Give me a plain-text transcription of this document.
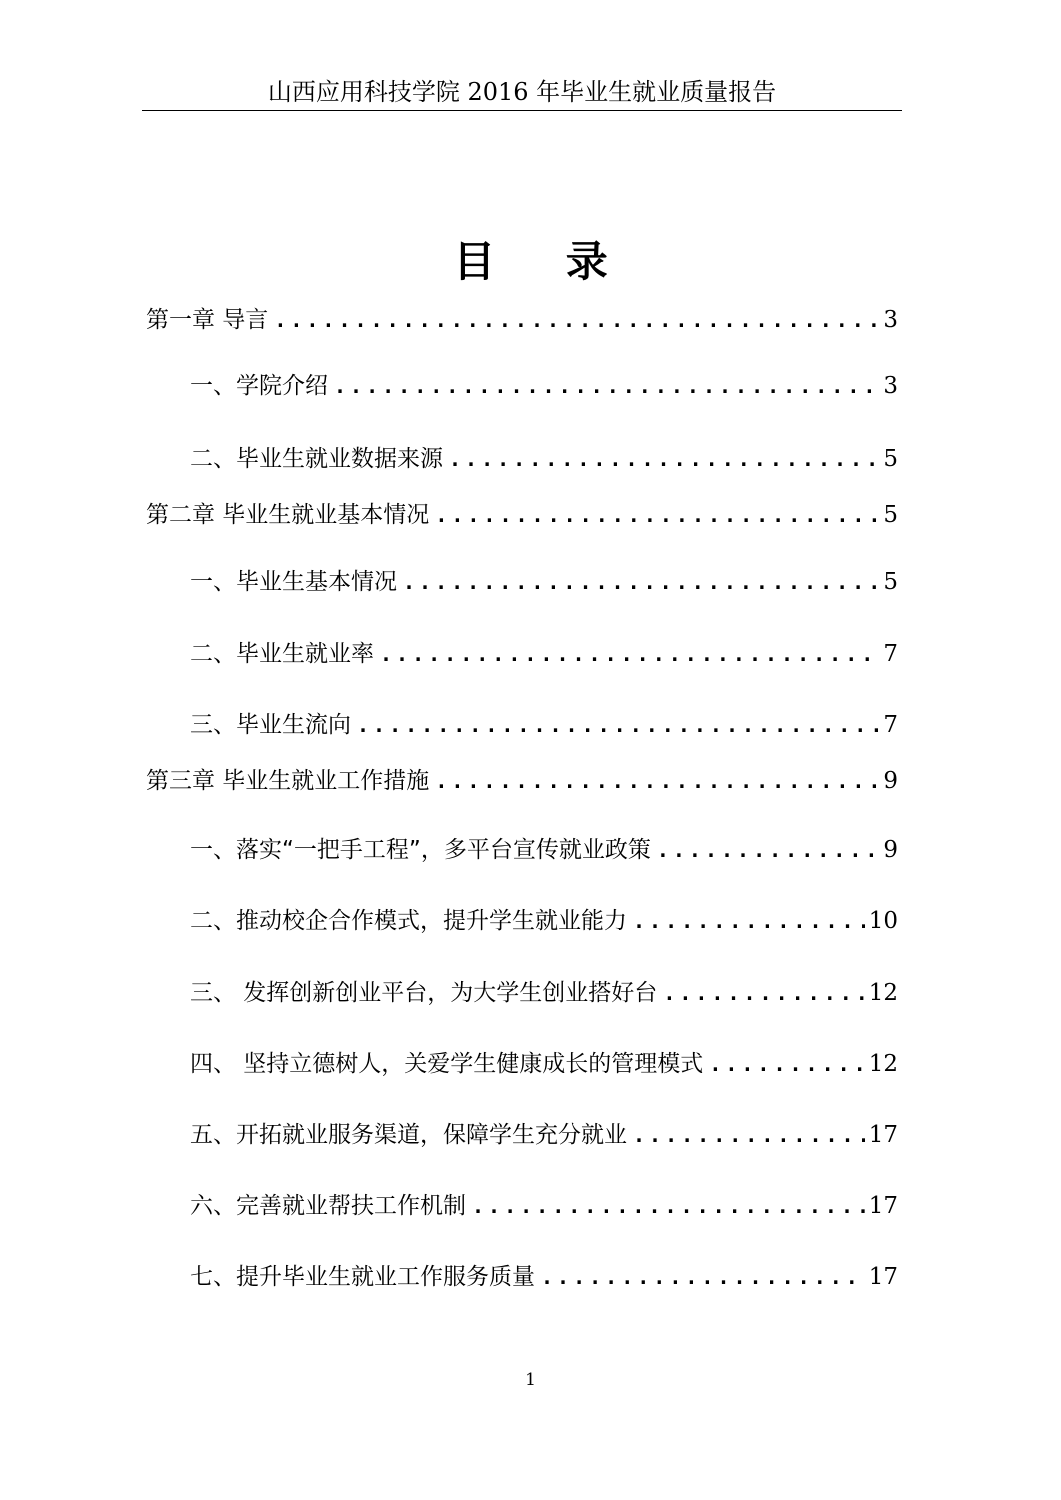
山西应用科技学院 2016 年毕业生就业质量报告
目 录
第一章 导言 .....	3
一、学院介绍 .....	3
二、毕业生就业数据来源 .....	5
第二章 毕业生就业基本情况 .....	5
一、毕业生基本情况 .....	5
二、毕业生就业率 .....	7
三、毕业生流向 .....	7
第三章 毕业生就业工作措施 .....	9
一、落实“一把手工程”，多平台宣传就业政策 .....	9
二、推动校企合作模式，提升学生就业能力 .....	10
三、 发挥创新创业平台，为大学生创业搭好台 .....	12
四、 坚持立德树人，关爱学生健康成长的管理模式 .....	12
五、开拓就业服务渠道，保障学生充分就业 .....	17
六、完善就业帮扶工作机制 .....	17
七、提升毕业生就业工作服务质量 .....	17
1
